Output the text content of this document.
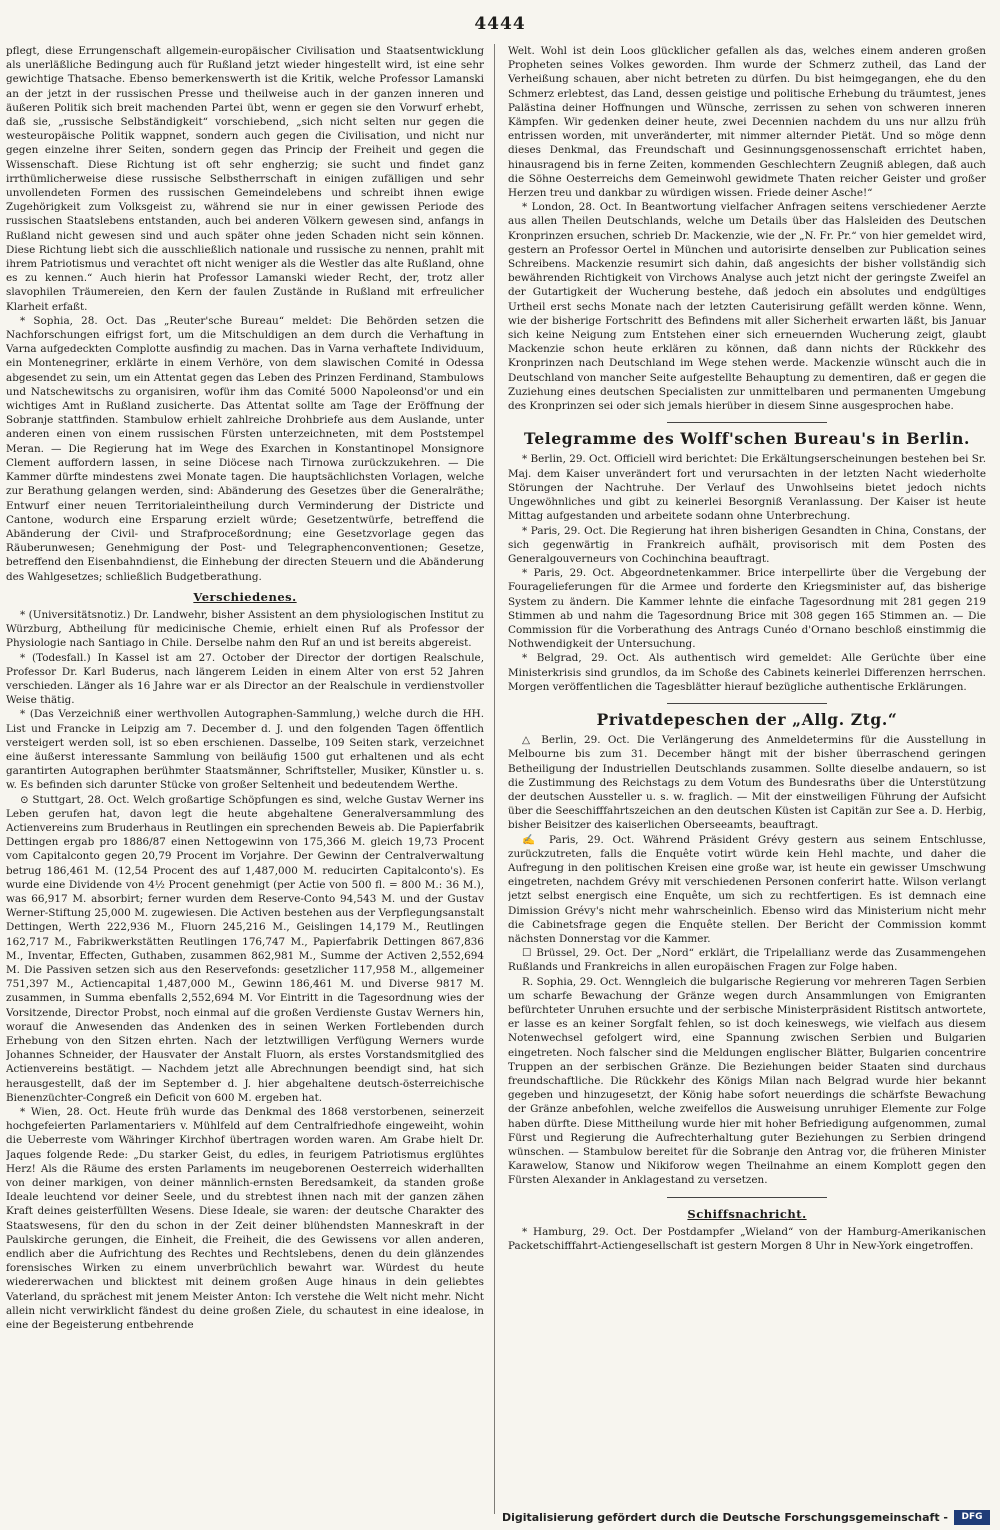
4444

pflegt, diese Errungenschaft allgemein-europäischer Civilisation und Staatsentwicklung als unerläßliche Bedingung auch für Rußland jetzt wieder hingestellt wird, ist eine sehr gewichtige Thatsache. Ebenso bemerkenswerth ist die Kritik, welche Professor Lamanski an der jetzt in der russischen Presse und theilweise auch in der ganzen inneren und äußeren Politik sich breit machenden Partei übt, wenn er gegen sie den Vorwurf erhebt, daß sie, „russische Selbständigkeit“ vorschiebend, „sich nicht selten nur gegen die westeuropäische Politik wappnet, sondern auch gegen die Civilisation, und nicht nur gegen einzelne ihrer Seiten, sondern gegen das Princip der Freiheit und gegen die Wissenschaft. Diese Richtung ist oft sehr engherzig; sie sucht und findet ganz irrthümlicherweise diese russische Selbstherrschaft in einigen zufälligen und sehr unvollendeten Formen des russischen Gemeindelebens und schreibt ihnen ewige Zugehörigkeit zum Volksgeist zu, während sie nur in einer gewissen Periode des russischen Staatslebens entstanden, auch bei anderen Völkern gewesen sind, anfangs in Rußland nicht gewesen sind und auch später ohne jeden Schaden nicht sein können. Diese Richtung liebt sich die ausschließlich nationale und russische zu nennen, prahlt mit ihrem Patriotismus und verachtet oft nicht weniger als die Westler das alte Rußland, ohne es zu kennen.“ Auch hierin hat Professor Lamanski wieder Recht, der, trotz aller slavophilen Träumereien, den Kern der faulen Zustände in Rußland mit erfreulicher Klarheit erfaßt.

* Sophia, 28. Oct. Das „Reuter'sche Bureau“ meldet: Die Behörden setzen die Nachforschungen eifrigst fort, um die Mitschuldigen an dem durch die Verhaftung in Varna aufgedeckten Complotte ausfindig zu machen. Das in Varna verhaftete Individuum, ein Montenegriner, erklärte in einem Verhöre, von dem slawischen Comité in Odessa abgesendet zu sein, um ein Attentat gegen das Leben des Prinzen Ferdinand, Stambulows und Natschewitschs zu organisiren, wofür ihm das Comité 5000 Napoleonsd'or und ein wichtiges Amt in Rußland zusicherte. Das Attentat sollte am Tage der Eröffnung der Sobranje stattfinden. Stambulow erhielt zahlreiche Drohbriefe aus dem Auslande, unter anderen einen von einem russischen Fürsten unterzeichneten, mit dem Poststempel Meran. — Die Regierung hat im Wege des Exarchen in Konstantinopel Monsignore Clement auffordern lassen, in seine Diöcese nach Tirnowa zurückzukehren. — Die Kammer dürfte mindestens zwei Monate tagen. Die hauptsächlichsten Vorlagen, welche zur Berathung gelangen werden, sind: Abänderung des Gesetzes über die Generalräthe; Entwurf einer neuen Territorialeintheilung durch Verminderung der Districte und Cantone, wodurch eine Ersparung erzielt würde; Gesetzentwürfe, betreffend die Abänderung der Civil- und Strafproceßordnung; eine Gesetzvorlage gegen das Räuberunwesen; Genehmigung der Post- und Telegraphenconventionen; Gesetze, betreffend den Eisenbahndienst, die Einhebung der directen Steuern und die Abänderung des Wahlgesetzes; schließlich Budgetberathung.

Verschiedenes.

* (Universitätsnotiz.) Dr. Landwehr, bisher Assistent an dem physiologischen Institut zu Würzburg, Abtheilung für medicinische Chemie, erhielt einen Ruf als Professor der Physiologie nach Santiago in Chile. Derselbe nahm den Ruf an und ist bereits abgereist.

* (Todesfall.) In Kassel ist am 27. October der Director der dortigen Realschule, Professor Dr. Karl Buderus, nach längerem Leiden in einem Alter von erst 52 Jahren verschieden. Länger als 16 Jahre war er als Director an der Realschule in verdienstvoller Weise thätig.

* (Das Verzeichniß einer werthvollen Autographen-Sammlung,) welche durch die HH. List und Francke in Leipzig am 7. December d. J. und den folgenden Tagen öffentlich versteigert werden soll, ist so eben erschienen. Dasselbe, 109 Seiten stark, verzeichnet eine äußerst interessante Sammlung von beiläufig 1500 gut erhaltenen und als echt garantirten Autographen berühmter Staatsmänner, Schriftsteller, Musiker, Künstler u. s. w. Es befinden sich darunter Stücke von großer Seltenheit und bedeutendem Werthe.

⊙ Stuttgart, 28. Oct. Welch großartige Schöpfungen es sind, welche Gustav Werner ins Leben gerufen hat, davon legt die heute abgehaltene Generalversammlung des Actienvereins zum Bruderhaus in Reutlingen ein sprechenden Beweis ab. Die Papierfabrik Dettingen ergab pro 1886/87 einen Nettogewinn von 175,366 M. gleich 19,73 Procent vom Capitalconto gegen 20,79 Procent im Vorjahre. Der Gewinn der Centralverwaltung betrug 186,461 M. (12,54 Procent des auf 1,487,000 M. reducirten Capitalconto's). Es wurde eine Dividende von 4½ Procent genehmigt (per Actie von 500 fl. = 800 M.: 36 M.), was 66,917 M. absorbirt; ferner wurden dem Reserve-Conto 94,543 M. und der Gustav Werner-Stiftung 25,000 M. zugewiesen. Die Activen bestehen aus der Verpflegungsanstalt Dettingen, Werth 222,936 M., Fluorn 245,216 M., Geislingen 14,179 M., Reutlingen 162,717 M., Fabrikwerkstätten Reutlingen 176,747 M., Papierfabrik Dettingen 867,836 M., Inventar, Effecten, Guthaben, zusammen 862,981 M., Summe der Activen 2,552,694 M. Die Passiven setzen sich aus den Reservefonds: gesetzlicher 117,958 M., allgemeiner 751,397 M., Actiencapital 1,487,000 M., Gewinn 186,461 M. und Diverse 9817 M. zusammen, in Summa ebenfalls 2,552,694 M. Vor Eintritt in die Tagesordnung wies der Vorsitzende, Director Probst, noch einmal auf die großen Verdienste Gustav Werners hin, worauf die Anwesenden das Andenken des in seinen Werken Fortlebenden durch Erhebung von den Sitzen ehrten. Nach der letztwilligen Verfügung Werners wurde Johannes Schneider, der Hausvater der Anstalt Fluorn, als erstes Vorstandsmitglied des Actienvereins bestätigt. — Nachdem jetzt alle Abrechnungen beendigt sind, hat sich herausgestellt, daß der im September d. J. hier abgehaltene deutsch-österreichische Bienenzüchter-Congreß ein Deficit von 600 M. ergeben hat.

* Wien, 28. Oct. Heute früh wurde das Denkmal des 1868 verstorbenen, seinerzeit hochgefeierten Parlamentariers v. Mühlfeld auf dem Centralfriedhofe eingeweiht, wohin die Ueberreste vom Währinger Kirchhof übertragen worden waren. Am Grabe hielt Dr. Jaques folgende Rede: „Du starker Geist, du edles, in feurigem Patriotismus erglühtes Herz! Als die Räume des ersten Parlaments im neugeborenen Oesterreich widerhallten von deiner markigen, von deiner männlich-ernsten Beredsamkeit, da standen große Ideale leuchtend vor deiner Seele, und du strebtest ihnen nach mit der ganzen zähen Kraft deines geisterfüllten Wesens. Diese Ideale, sie waren: der deutsche Charakter des Staatswesens, für den du schon in der Zeit deiner blühendsten Manneskraft in der Paulskirche gerungen, die Einheit, die Freiheit, die des Gewissens vor allen anderen, endlich aber die Aufrichtung des Rechtes und Rechtslebens, denen du dein glänzendes forensisches Wirken zu einem unverbrüchlich bewahrt war. Würdest du heute wiedererwachen und blicktest mit deinem großen Auge hinaus in dein geliebtes Vaterland, du sprächest mit jenem Meister Anton: Ich verstehe die Welt nicht mehr. Nicht allein nicht verwirklicht fändest du deine großen Ziele, du schautest in eine idealose, in eine der Begeisterung entbehrende

Welt. Wohl ist dein Loos glücklicher gefallen als das, welches einem anderen großen Propheten seines Volkes geworden. Ihm wurde der Schmerz zutheil, das Land der Verheißung schauen, aber nicht betreten zu dürfen. Du bist heimgegangen, ehe du den Schmerz erlebtest, das Land, dessen geistige und politische Erhebung du träumtest, jenes Palästina deiner Hoffnungen und Wünsche, zerrissen zu sehen von schweren inneren Kämpfen. Wir gedenken deiner heute, zwei Decennien nachdem du uns nur allzu früh entrissen worden, mit unveränderter, mit nimmer alternder Pietät. Und so möge denn dieses Denkmal, das Freundschaft und Gesinnungsgenossenschaft errichtet haben, hinausragend bis in ferne Zeiten, kommenden Geschlechtern Zeugniß ablegen, daß auch die Söhne Oesterreichs dem Gemeinwohl gewidmete Thaten reicher Geister und großer Herzen treu und dankbar zu würdigen wissen. Friede deiner Asche!“

* London, 28. Oct. In Beantwortung vielfacher Anfragen seitens verschiedener Aerzte aus allen Theilen Deutschlands, welche um Details über das Halsleiden des Deutschen Kronprinzen ersuchen, schrieb Dr. Mackenzie, wie der „N. Fr. Pr.“ von hier gemeldet wird, gestern an Professor Oertel in München und autorisirte denselben zur Publication seines Schreibens. Mackenzie resumirt sich dahin, daß angesichts der bisher vollständig sich bewährenden Richtigkeit von Virchows Analyse auch jetzt nicht der geringste Zweifel an der Gutartigkeit der Wucherung bestehe, daß jedoch ein absolutes und endgültiges Urtheil erst sechs Monate nach der letzten Cauterisirung gefällt werden könne. Wenn, wie der bisherige Fortschritt des Befindens mit aller Sicherheit erwarten läßt, bis Januar sich keine Neigung zum Entstehen einer sich erneuernden Wucherung zeigt, glaubt Mackenzie schon heute erklären zu können, daß dann nichts der Rückkehr des Kronprinzen nach Deutschland im Wege stehen werde. Mackenzie wünscht auch die in Deutschland von mancher Seite aufgestellte Behauptung zu dementiren, daß er gegen die Zuziehung eines deutschen Specialisten zur unmittelbaren und permanenten Umgebung des Kronprinzen sei oder sich jemals hierüber in diesem Sinne ausgesprochen habe.

Telegramme des Wolff'schen Bureau's in Berlin.

* Berlin, 29. Oct. Officiell wird berichtet: Die Erkältungserscheinungen bestehen bei Sr. Maj. dem Kaiser unverändert fort und verursachten in der letzten Nacht wiederholte Störungen der Nachtruhe. Der Verlauf des Unwohlseins bietet jedoch nichts Ungewöhnliches und gibt zu keinerlei Besorgniß Veranlassung. Der Kaiser ist heute Mittag aufgestanden und arbeitete sodann ohne Unterbrechung.

* Paris, 29. Oct. Die Regierung hat ihren bisherigen Gesandten in China, Constans, der sich gegenwärtig in Frankreich aufhält, provisorisch mit dem Posten des Generalgouverneurs von Cochinchina beauftragt.

* Paris, 29. Oct. Abgeordnetenkammer. Brice interpellirte über die Vergebung der Fouragelieferungen für die Armee und forderte den Kriegsminister auf, das bisherige System zu ändern. Die Kammer lehnte die einfache Tagesordnung mit 281 gegen 219 Stimmen ab und nahm die Tagesordnung Brice mit 308 gegen 165 Stimmen an. — Die Commission für die Vorberathung des Antrags Cunéo d'Ornano beschloß einstimmig die Nothwendigkeit der Untersuchung.

* Belgrad, 29. Oct. Als authentisch wird gemeldet: Alle Gerüchte über eine Ministerkrisis sind grundlos, da im Schoße des Cabinets keinerlei Differenzen herrschen. Morgen veröffentlichen die Tagesblätter hierauf bezügliche authentische Erklärungen.

Privatdepeschen der „Allg. Ztg.“

△ Berlin, 29. Oct. Die Verlängerung des Anmeldetermins für die Ausstellung in Melbourne bis zum 31. December hängt mit der bisher überraschend geringen Betheiligung der Industriellen Deutschlands zusammen. Sollte dieselbe andauern, so ist die Zustimmung des Reichstags zu dem Votum des Bundesraths über die Unterstützung der deutschen Aussteller u. s. w. fraglich. — Mit der einstweiligen Führung der Aufsicht über die Seeschifffahrtszeichen an den deutschen Küsten ist Capitän zur See a. D. Herbig, bisher Beisitzer des kaiserlichen Oberseeamts, beauftragt.

✍ Paris, 29. Oct. Während Präsident Grévy gestern aus seinem Entschlusse, zurückzutreten, falls die Enquête votirt würde kein Hehl machte, und daher die Aufregung in den politischen Kreisen eine große war, ist heute ein gewisser Umschwung eingetreten, nachdem Grévy mit verschiedenen Personen conferirt hatte. Wilson verlangt jetzt selbst energisch eine Enquête, um sich zu rechtfertigen. Es ist demnach eine Dimission Grévy's nicht mehr wahrscheinlich. Ebenso wird das Ministerium nicht mehr die Cabinetsfrage gegen die Enquête stellen. Der Bericht der Commission kommt nächsten Donnerstag vor die Kammer.

☐ Brüssel, 29. Oct. Der „Nord“ erklärt, die Tripelallianz werde das Zusammengehen Rußlands und Frankreichs in allen europäischen Fragen zur Folge haben.

R. Sophia, 29. Oct. Wenngleich die bulgarische Regierung vor mehreren Tagen Serbien um scharfe Bewachung der Gränze wegen durch Ansammlungen von Emigranten befürchteter Unruhen ersuchte und der serbische Ministerpräsident Ristitsch antwortete, er lasse es an keiner Sorgfalt fehlen, so ist doch keineswegs, wie vielfach aus diesem Notenwechsel gefolgert wird, eine Spannung zwischen Serbien und Bulgarien eingetreten. Noch falscher sind die Meldungen englischer Blätter, Bulgarien concentrire Truppen an der serbischen Gränze. Die Beziehungen beider Staaten sind durchaus freundschaftliche. Die Rückkehr des Königs Milan nach Belgrad wurde hier bekannt gegeben und hinzugesetzt, der König habe sofort neuerdings die schärfste Bewachung der Gränze anbefohlen, welche zweifellos die Ausweisung unruhiger Elemente zur Folge haben dürfte. Diese Mittheilung wurde hier mit hoher Befriedigung aufgenommen, zumal Fürst und Regierung die Aufrechterhaltung guter Beziehungen zu Serbien dringend wünschen. — Stambulow bereitet für die Sobranje den Antrag vor, die früheren Minister Karawelow, Stanow und Nikiforow wegen Theilnahme an einem Komplott gegen den Fürsten Alexander in Anklagestand zu versetzen.

Schiffsnachricht.

* Hamburg, 29. Oct. Der Postdampfer „Wieland“ von der Hamburg-Amerikanischen Packetschifffahrt-Actiengesellschaft ist gestern Morgen 8 Uhr in New-York eingetroffen.

Digitalisierung gefördert durch die Deutsche Forschungsgemeinschaft -	DFG
